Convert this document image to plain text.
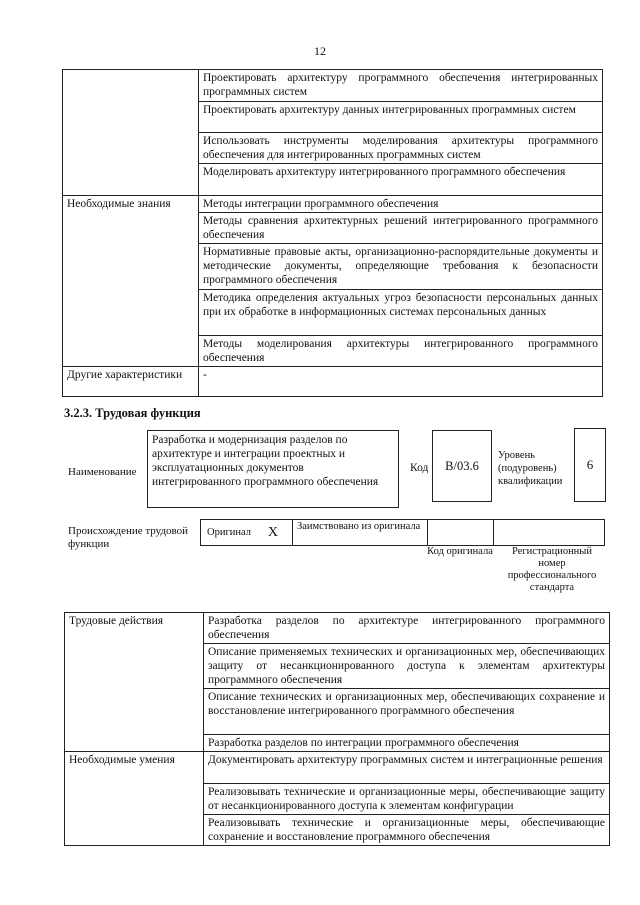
12
	Проектировать архитектуру программного обеспечения интегрированных программных систем
	Проектировать архитектуру данных интегрированных программных систем
	Использовать инструменты моделирования архитектуры программного обеспечения для интегрированных программных систем
	Моделировать архитектуру интегрированного программного обеспечения
Необходимые знания	Методы интеграции программного обеспечения
	Методы сравнения архитектурных решений интегрированного программного обеспечения
	Нормативные правовые акты, организационно-распорядительные документы и методические документы, определяющие требования к безопасности программного обеспечения
	Методика определения актуальных угроз безопасности персональных данных при их обработке в информационных системах персональных данных
	Методы моделирования архитектуры интегрированного программного обеспечения
Другие характеристики	-
3.2.3. Трудовая функция
Наименование
Разработка и модернизация разделов по архитектуре и интеграции проектных и эксплуатационных документов интегрированного программного обеспечения
Код	B/03.6
Уровень (подуровень) квалификации
6
Происхождение трудовой функции
Оригинал X	Заимствовано из оригинала
Код оригинала	Регистрационный номер профессионального стандарта
Трудовые действия	Разработка разделов по архитектуре интегрированного программного обеспечения
	Описание применяемых технических и организационных мер, обеспечивающих защиту от несанкционированного доступа к элементам архитектуры программного обеспечения
	Описание технических и организационных мер, обеспечивающих сохранение и восстановление интегрированного программного обеспечения
	Разработка разделов по интеграции программного обеспечения
Необходимые умения	Документировать архитектуру программных систем и интеграционные решения
	Реализовывать технические и организационные меры, обеспечивающие защиту от несанкционированного доступа к элементам конфигурации
	Реализовывать технические и организационные меры, обеспечивающие сохранение и восстановление программного обеспечения
